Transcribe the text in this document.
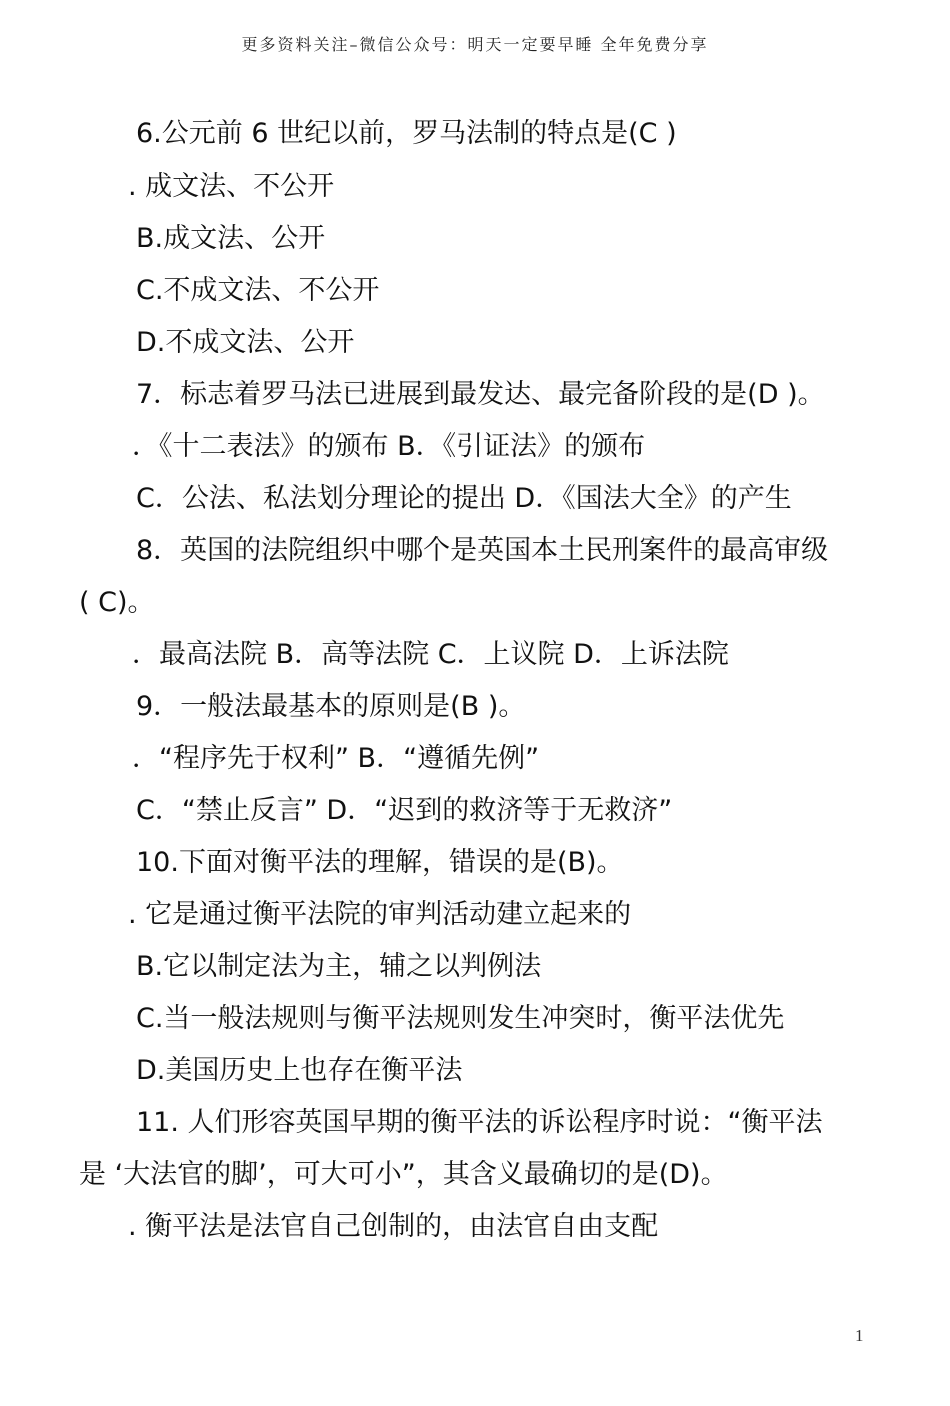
更多资料关注–微信公众号：明天一定要早睡 全年免费分享
6.公元前 6 世纪以前，罗马法制的特点是(C )
. 成文法、不公开
B.成文法、公开
C.不成文法、不公开
D.不成文法、公开
7．标志着罗马法已进展到最发达、最完备阶段的是(D )。
．《十二表法》的颁布 B．《引证法》的颁布
C．公法、私法划分理论的提出 D．《国法大全》的产生
8．英国的法院组织中哪个是英国本土民刑案件的最高审级
( C)。
．最高法院 B．高等法院 C．上议院 D．上诉法院
9．一般法最基本的原则是(B )。
．“程序先于权利” B．“遵循先例”
C．“禁止反言” D．“迟到的救济等于无救济”
10.下面对衡平法的理解，错误的是(B)。
. 它是通过衡平法院的审判活动建立起来的
B.它以制定法为主，辅之以判例法
C.当一般法规则与衡平法规则发生冲突时，衡平法优先
D.美国历史上也存在衡平法
11. 人们形容英国早期的衡平法的诉讼程序时说：“衡平法
是 ‘大法官的脚’，可大可小”，其含义最确切的是(D)。
. 衡平法是法官自己创制的，由法官自由支配
1
